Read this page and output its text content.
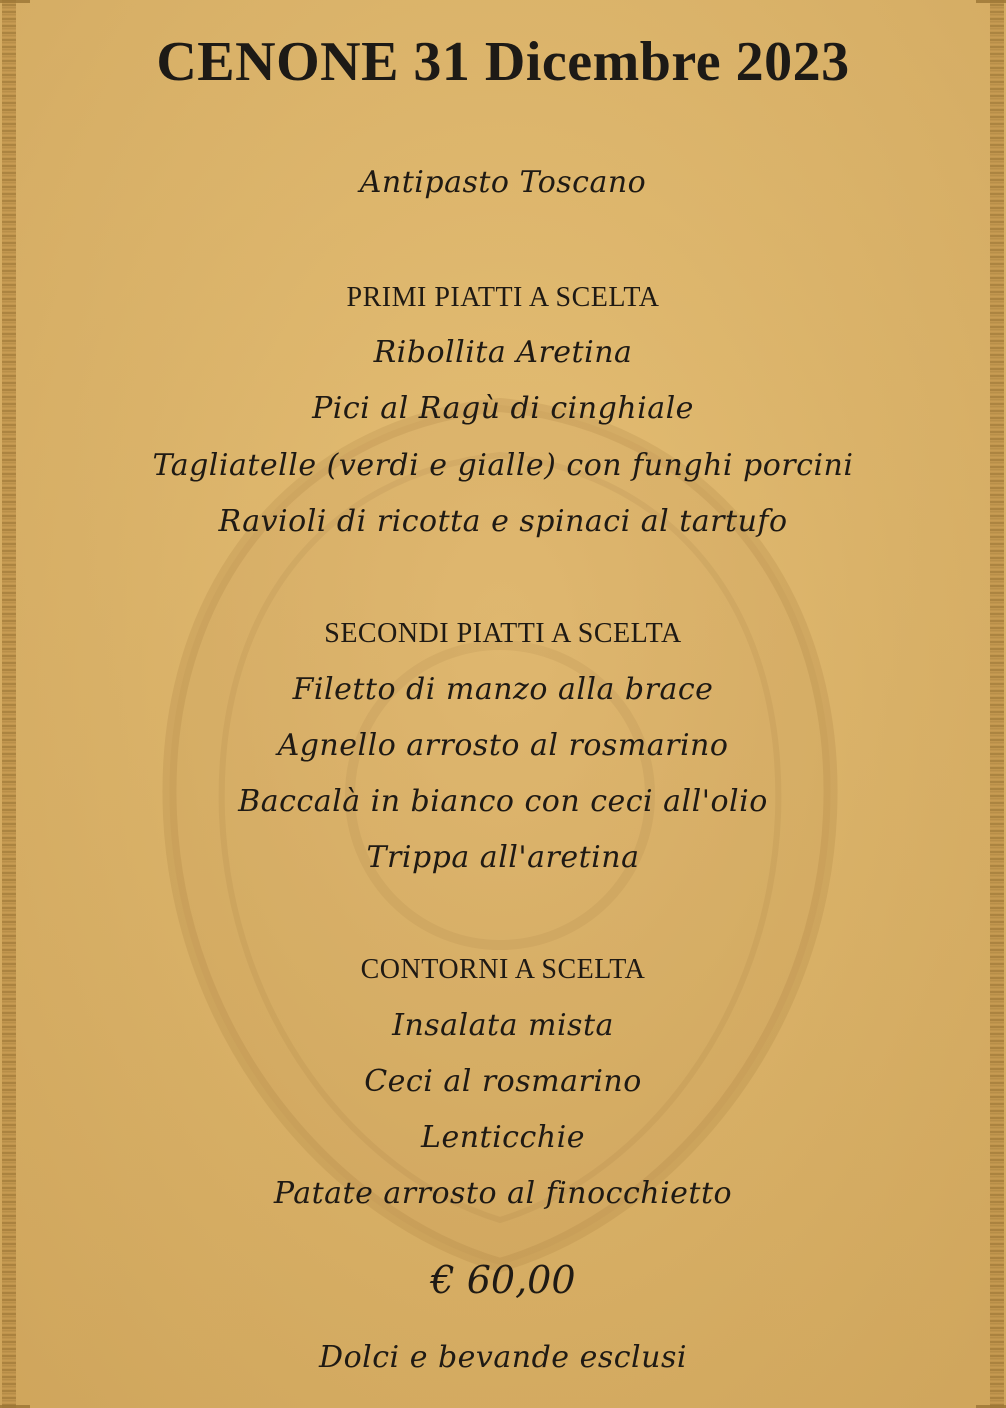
CENONE 31 Dicembre 2023
Antipasto Toscano
PRIMI PIATTI A SCELTA
Ribollita Aretina
Pici al Ragù di cinghiale
Tagliatelle (verdi e gialle) con funghi porcini
Ravioli di ricotta e spinaci al tartufo
SECONDI PIATTI A SCELTA
Filetto di manzo alla brace
Agnello arrosto al rosmarino
Baccalà in bianco con ceci all'olio
Trippa all'aretina
CONTORNI A SCELTA
Insalata mista
Ceci al rosmarino
Lenticchie
Patate arrosto al finocchietto
€ 60,00
Dolci e bevande esclusi
